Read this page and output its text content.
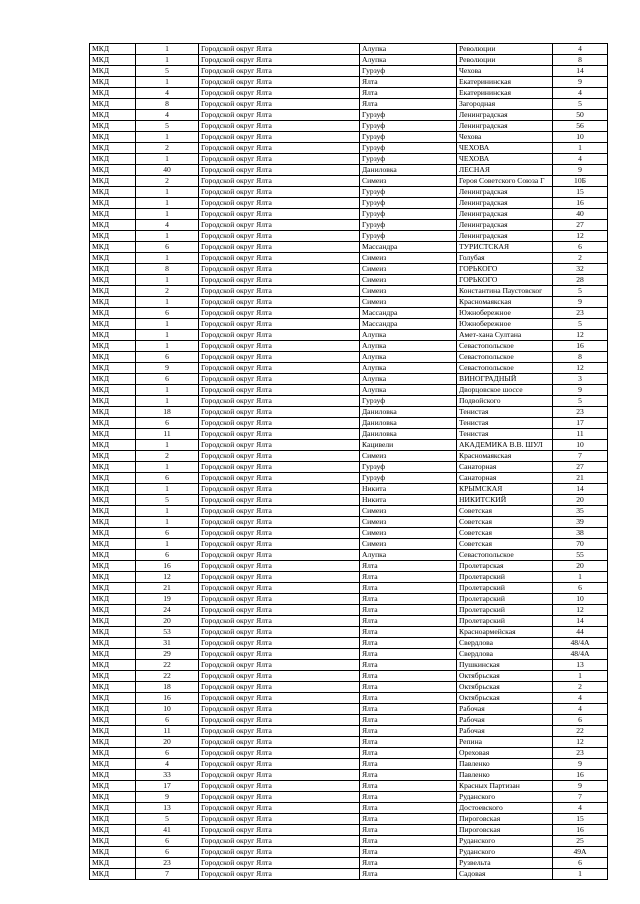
МКД	1	Городской округ Ялта	Алупка	Революции	4
МКД	1	Городской округ Ялта	Алупка	Революции	8
МКД	5	Городской округ Ялта	Гурзуф	Чехова	14
МКД	1	Городской округ Ялта	Ялта	Екатерининская	9
МКД	4	Городской округ Ялта	Ялта	Екатерининская	4
МКД	8	Городской округ Ялта	Ялта	Загородная	5
МКД	4	Городской округ Ялта	Гурзуф	Ленинградская	50
МКД	5	Городской округ Ялта	Гурзуф	Ленинградская	56
МКД	1	Городской округ Ялта	Гурзуф	Чехова	10
МКД	2	Городской округ Ялта	Гурзуф	ЧЕХОВА	1
МКД	1	Городской округ Ялта	Гурзуф	ЧЕХОВА	4
МКД	40	Городской округ Ялта	Даниловка	ЛЕСНАЯ	9
МКД	2	Городской округ Ялта	Симеиз	Героя Советского Союза Г	10Б
МКД	1	Городской округ Ялта	Гурзуф	Ленинградская	15
МКД	1	Городской округ Ялта	Гурзуф	Ленинградская	16
МКД	1	Городской округ Ялта	Гурзуф	Ленинградская	40
МКД	4	Городской округ Ялта	Гурзуф	Ленинградская	27
МКД	1	Городской округ Ялта	Гурзуф	Ленинградская	12
МКД	6	Городской округ Ялта	Массандра	ТУРИСТСКАЯ	6
МКД	1	Городской округ Ялта	Симеиз	Голубая	2
МКД	8	Городской округ Ялта	Симеиз	ГОРЬКОГО	32
МКД	1	Городской округ Ялта	Симеиз	ГОРЬКОГО	28
МКД	2	Городской округ Ялта	Симеиз	Константина Паустовског	5
МКД	1	Городской округ Ялта	Симеиз	Красномаякская	9
МКД	6	Городской округ Ялта	Массандра	Южнобережное	23
МКД	1	Городской округ Ялта	Массандра	Южнобережное	5
МКД	1	Городской округ Ялта	Алупка	Амет-хана Султана	12
МКД	1	Городской округ Ялта	Алупка	Севастопольское	16
МКД	6	Городской округ Ялта	Алупка	Севастопольское	8
МКД	9	Городской округ Ялта	Алупка	Севастопольское	12
МКД	6	Городской округ Ялта	Алупка	ВИНОГРАДНЫЙ	3
МКД	1	Городской округ Ялта	Алупка	Дворцовское шоссе	9
МКД	1	Городской округ Ялта	Гурзуф	Подвойского	5
МКД	18	Городской округ Ялта	Даниловка	Тенистая	23
МКД	6	Городской округ Ялта	Даниловка	Тенистая	17
МКД	11	Городской округ Ялта	Даниловка	Тенистая	11
МКД	1	Городской округ Ялта	Кацивели	АКАДЕМИКА В.В. ШУЛ	10
МКД	2	Городской округ Ялта	Симеиз	Красномаякская	7
МКД	1	Городской округ Ялта	Гурзуф	Санаторная	27
МКД	6	Городской округ Ялта	Гурзуф	Санаторная	21
МКД	1	Городской округ Ялта	Никита	КРЫМСКАЯ	14
МКД	5	Городской округ Ялта	Никита	НИКИТСКИЙ	20
МКД	1	Городской округ Ялта	Симеиз	Советская	35
МКД	1	Городской округ Ялта	Симеиз	Советская	39
МКД	6	Городской округ Ялта	Симеиз	Советская	38
МКД	1	Городской округ Ялта	Симеиз	Советская	70
МКД	6	Городской округ Ялта	Алупка	Севастопольское	55
МКД	16	Городской округ Ялта	Ялта	Пролетарская	20
МКД	12	Городской округ Ялта	Ялта	Пролетарский	1
МКД	21	Городской округ Ялта	Ялта	Пролетарский	6
МКД	19	Городской округ Ялта	Ялта	Пролетарский	10
МКД	24	Городской округ Ялта	Ялта	Пролетарский	12
МКД	20	Городской округ Ялта	Ялта	Пролетарский	14
МКД	53	Городской округ Ялта	Ялта	Красноармейская	44
МКД	31	Городской округ Ялта	Ялта	Свердлова	48/4А
МКД	29	Городской округ Ялта	Ялта	Свердлова	48/4А
МКД	22	Городской округ Ялта	Ялта	Пушкинская	13
МКД	22	Городской округ Ялта	Ялта	Октябрьская	1
МКД	18	Городской округ Ялта	Ялта	Октябрьская	2
МКД	16	Городской округ Ялта	Ялта	Октябрьская	4
МКД	10	Городской округ Ялта	Ялта	Рабочая	4
МКД	6	Городской округ Ялта	Ялта	Рабочая	6
МКД	11	Городской округ Ялта	Ялта	Рабочая	22
МКД	20	Городской округ Ялта	Ялта	Репина	12
МКД	6	Городской округ Ялта	Ялта	Ореховая	23
МКД	4	Городской округ Ялта	Ялта	Павленко	9
МКД	33	Городской округ Ялта	Ялта	Павленко	16
МКД	17	Городской округ Ялта	Ялта	Красных Партизан	9
МКД	9	Городской округ Ялта	Ялта	Руданского	7
МКД	13	Городской округ Ялта	Ялта	Достоевского	4
МКД	5	Городской округ Ялта	Ялта	Пироговская	15
МКД	41	Городской округ Ялта	Ялта	Пироговская	16
МКД	6	Городской округ Ялта	Ялта	Руданского	25
МКД	6	Городской округ Ялта	Ялта	Руданского	49А
МКД	23	Городской округ Ялта	Ялта	Рузвельта	6
МКД	7	Городской округ Ялта	Ялта	Садовая	1
